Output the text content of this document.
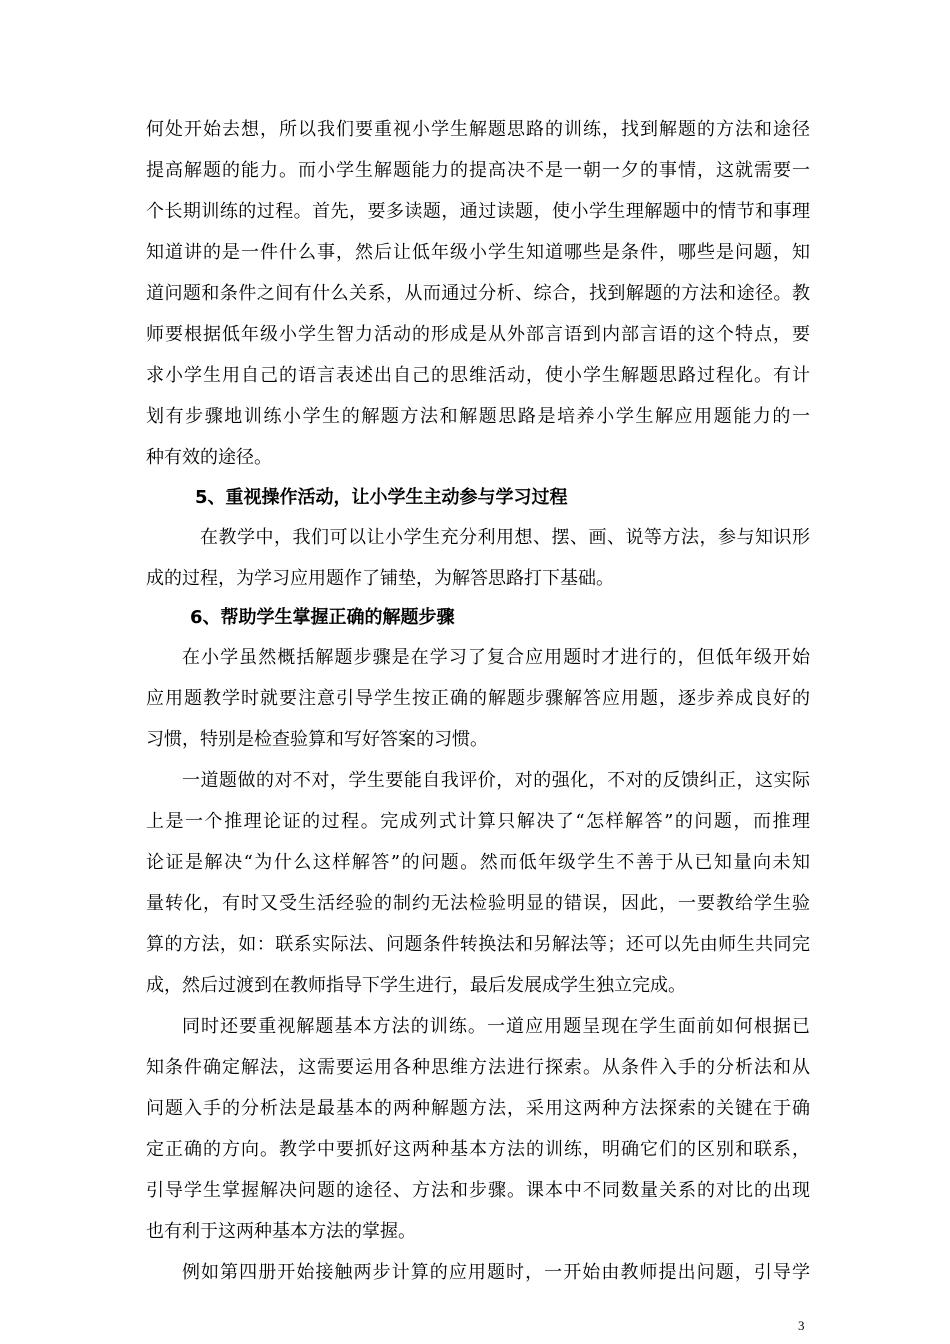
何处开始去想，所以我们要重视小学生解题思路的训练，找到解题的方法和途径
提高解题的能力。而小学生解题能力的提高决不是一朝一夕的事情，这就需要一
个长期训练的过程。首先，要多读题，通过读题，使小学生理解题中的情节和事理
知道讲的是一件什么事，然后让低年级小学生知道哪些是条件，哪些是问题，知
道问题和条件之间有什么关系，从而通过分析、综合，找到解题的方法和途径。教
师要根据低年级小学生智力活动的形成是从外部言语到内部言语的这个特点，要
求小学生用自己的语言表述出自己的思维活动，使小学生解题思路过程化。有计
划有步骤地训练小学生的解题方法和解题思路是培养小学生解应用题能力的一
种有效的途径。
5、重视操作活动，让小学生主动参与学习过程
在教学中，我们可以让小学生充分利用想、摆、画、说等方法，参与知识形
成的过程，为学习应用题作了铺垫，为解答思路打下基础。
6、帮助学生掌握正确的解题步骤
在小学虽然概括解题步骤是在学习了复合应用题时才进行的，但低年级开始
应用题教学时就要注意引导学生按正确的解题步骤解答应用题，逐步养成良好的
习惯，特别是检查验算和写好答案的习惯。
一道题做的对不对，学生要能自我评价，对的强化，不对的反馈纠正，这实际
上是一个推理论证的过程。完成列式计算只解决了“怎样解答”的问题，而推理
论证是解决“为什么这样解答”的问题。然而低年级学生不善于从已知量向未知
量转化，有时又受生活经验的制约无法检验明显的错误，因此，一要教给学生验
算的方法，如：联系实际法、问题条件转换法和另解法等；还可以先由师生共同完
成，然后过渡到在教师指导下学生进行，最后发展成学生独立完成。
同时还要重视解题基本方法的训练。一道应用题呈现在学生面前如何根据已
知条件确定解法，这需要运用各种思维方法进行探索。从条件入手的分析法和从
问题入手的分析法是最基本的两种解题方法，采用这两种方法探索的关键在于确
定正确的方向。教学中要抓好这两种基本方法的训练，明确它们的区别和联系，
引导学生掌握解决问题的途径、方法和步骤。课本中不同数量关系的对比的出现
也有利于这两种基本方法的掌握。
例如第四册开始接触两步计算的应用题时，一开始由教师提出问题，引导学
3
